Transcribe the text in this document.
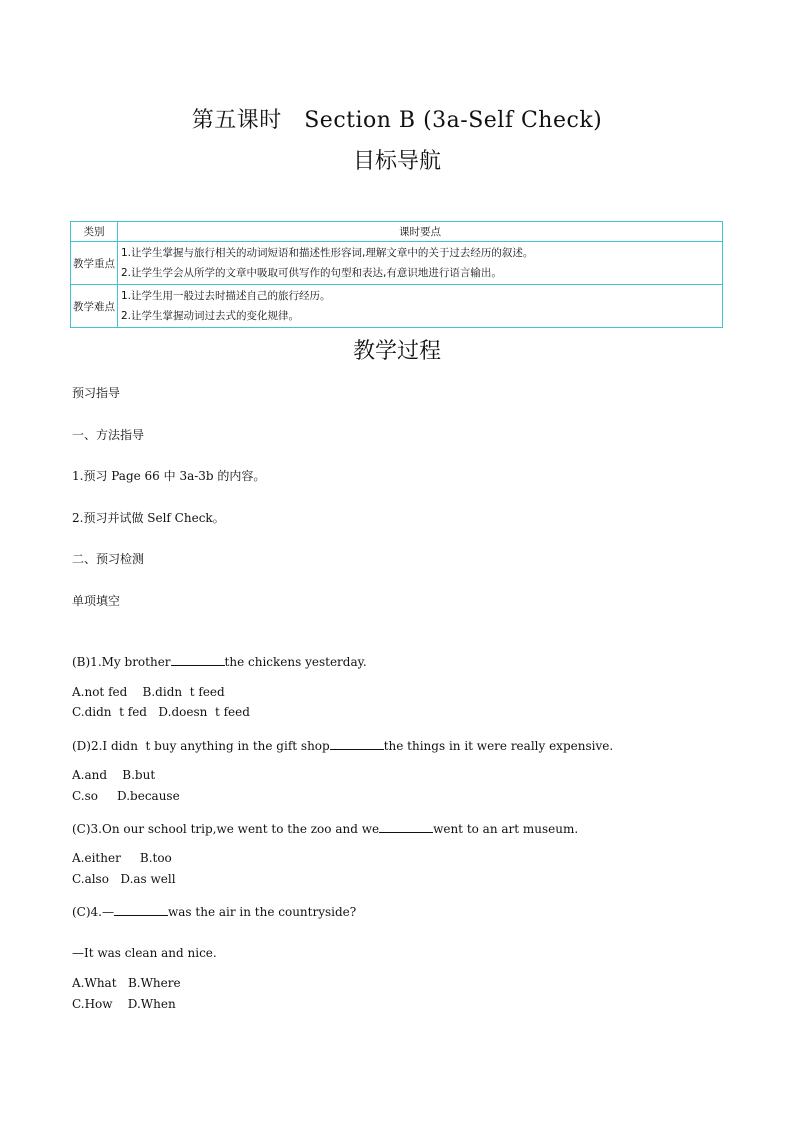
第五课时   Section B (3a-Self Check)
目标导航
类别	课时要点
教学重点	1.让学生掌握与旅行相关的动词短语和描述性形容词,理解文章中的关于过去经历的叙述。
2.让学生学会从所学的文章中吸取可供写作的句型和表达,有意识地进行语言输出。

教学难点	1.让学生用一般过去时描述自己的旅行经历。
2.让学生掌握动词过去式的变化规律。
教学过程
预习指导
一、方法指导
1.预习 Page 66 中 3a-3b 的内容。
2.预习并试做 Self Check。
二、预习检测
单项填空
(B)1.My brother	the chickens yesterday.
A.not fed    B.didn  t feed
C.didn  t fed   D.doesn  t feed
(D)2.I didn  t buy anything in the gift shop	the things in it were really expensive.
A.and    B.but
C.so     D.because
(C)3.On our school trip,we went to the zoo and we	went to an art museum.
A.either     B.too
C.also   D.as well
(C)4.—	was the air in the countryside?
—It was clean and nice.
A.What   B.Where
C.How    D.When
